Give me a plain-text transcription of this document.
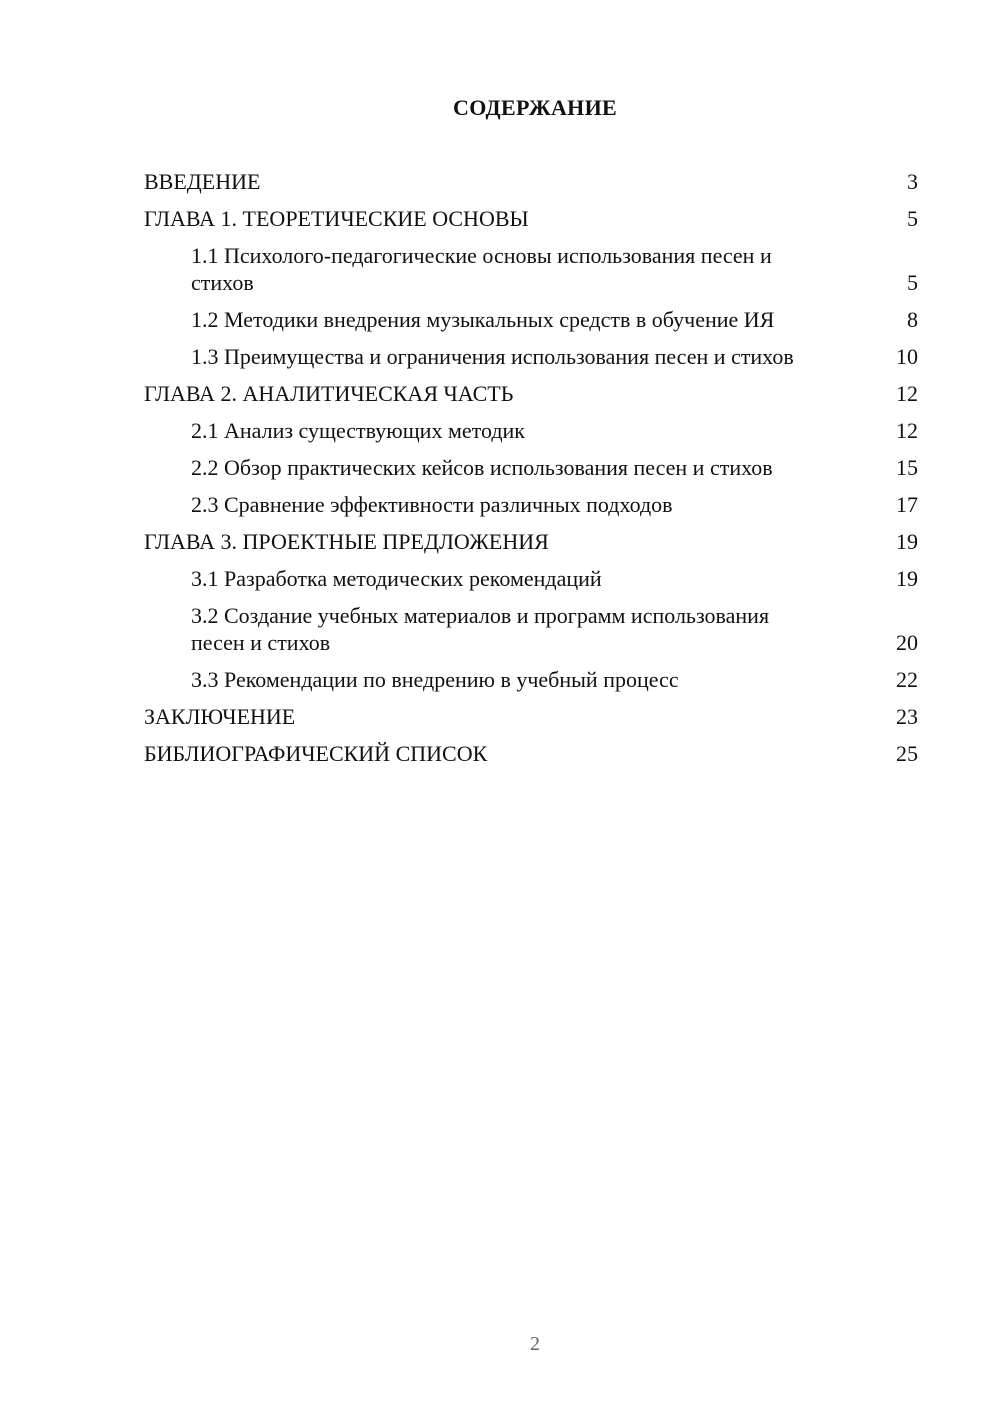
СОДЕРЖАНИЕ
ВВЕДЕНИЕ	3
ГЛАВА 1. ТЕОРЕТИЧЕСКИЕ ОСНОВЫ	5
1.1 Психолого-педагогические основы использования песен и стихов	5
1.2 Методики внедрения музыкальных средств в обучение ИЯ	8
1.3 Преимущества и ограничения использования песен и стихов	10
ГЛАВА 2. АНАЛИТИЧЕСКАЯ ЧАСТЬ	12
2.1 Анализ существующих методик	12
2.2 Обзор практических кейсов использования песен и стихов	15
2.3 Сравнение эффективности различных подходов	17
ГЛАВА 3. ПРОЕКТНЫЕ ПРЕДЛОЖЕНИЯ	19
3.1 Разработка методических рекомендаций	19
3.2 Создание учебных материалов и программ использования песен и стихов	20
3.3 Рекомендации по внедрению в учебный процесс	22
ЗАКЛЮЧЕНИЕ	23
БИБЛИОГРАФИЧЕСКИЙ СПИСОК	25
2
